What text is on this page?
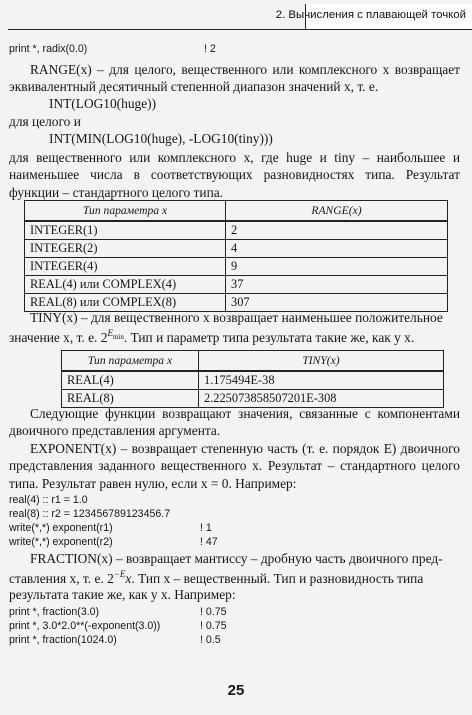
2. Вычисления с плавающей точкой
print *, radix(0.0)	! 2
RANGE(x) – для целого, вещественного или комплексного x возвращает эквивалентный десятичный степенной диапазон значений x, т. е.
INT(LOG10(huge))
для целого и
INT(MIN(LOG10(huge), -LOG10(tiny)))
для вещественного или комплексного x, где huge и tiny – наибольшее и наименьшее числа в соответствующих разновидностях типа. Результат функции – стандартного целого типа.
Тип параметра x	RANGE(x)
INTEGER(1)	2
INTEGER(2)	4
INTEGER(4)	9
REAL(4) или COMPLEX(4)	37
REAL(8) или COMPLEX(8)	307
TINY(x) – для вещественного x возвращает наименьшее положительное
значение x, т. е. $2^{E_{min}}$. Тип и параметр типа результата такие же, как у x.
Тип параметра x	TINY(x)
REAL(4)	1.175494E-38
REAL(8)	2.225073858507201E-308
Следующие функции возвращают значения, связанные с компонентами двоичного представления аргумента.
EXPONENT(x) – возвращает степенную часть (т. е. порядок E) двоичного представления заданного вещественного x. Результат – стандартного целого типа. Результат равен нулю, если x = 0. Например:
real(4) :: r1 = 1.0
real(8) :: r2 = 123456789123456.7
write(*,*) exponent(r1)	! 1
write(*,*) exponent(r2)	! 47
FRACTION(x) – возвращает мантиссу – дробную часть двоичного пред-
ставления x, т. е. $2^{-E}x$. Тип x – вещественный. Тип и разновидность типа
результата такие же, как у x. Например:
print *, fraction(3.0)	! 0.75
print *, 3.0*2.0**(-exponent(3.0))	! 0.75
print *, fraction(1024.0)	! 0.5
25
